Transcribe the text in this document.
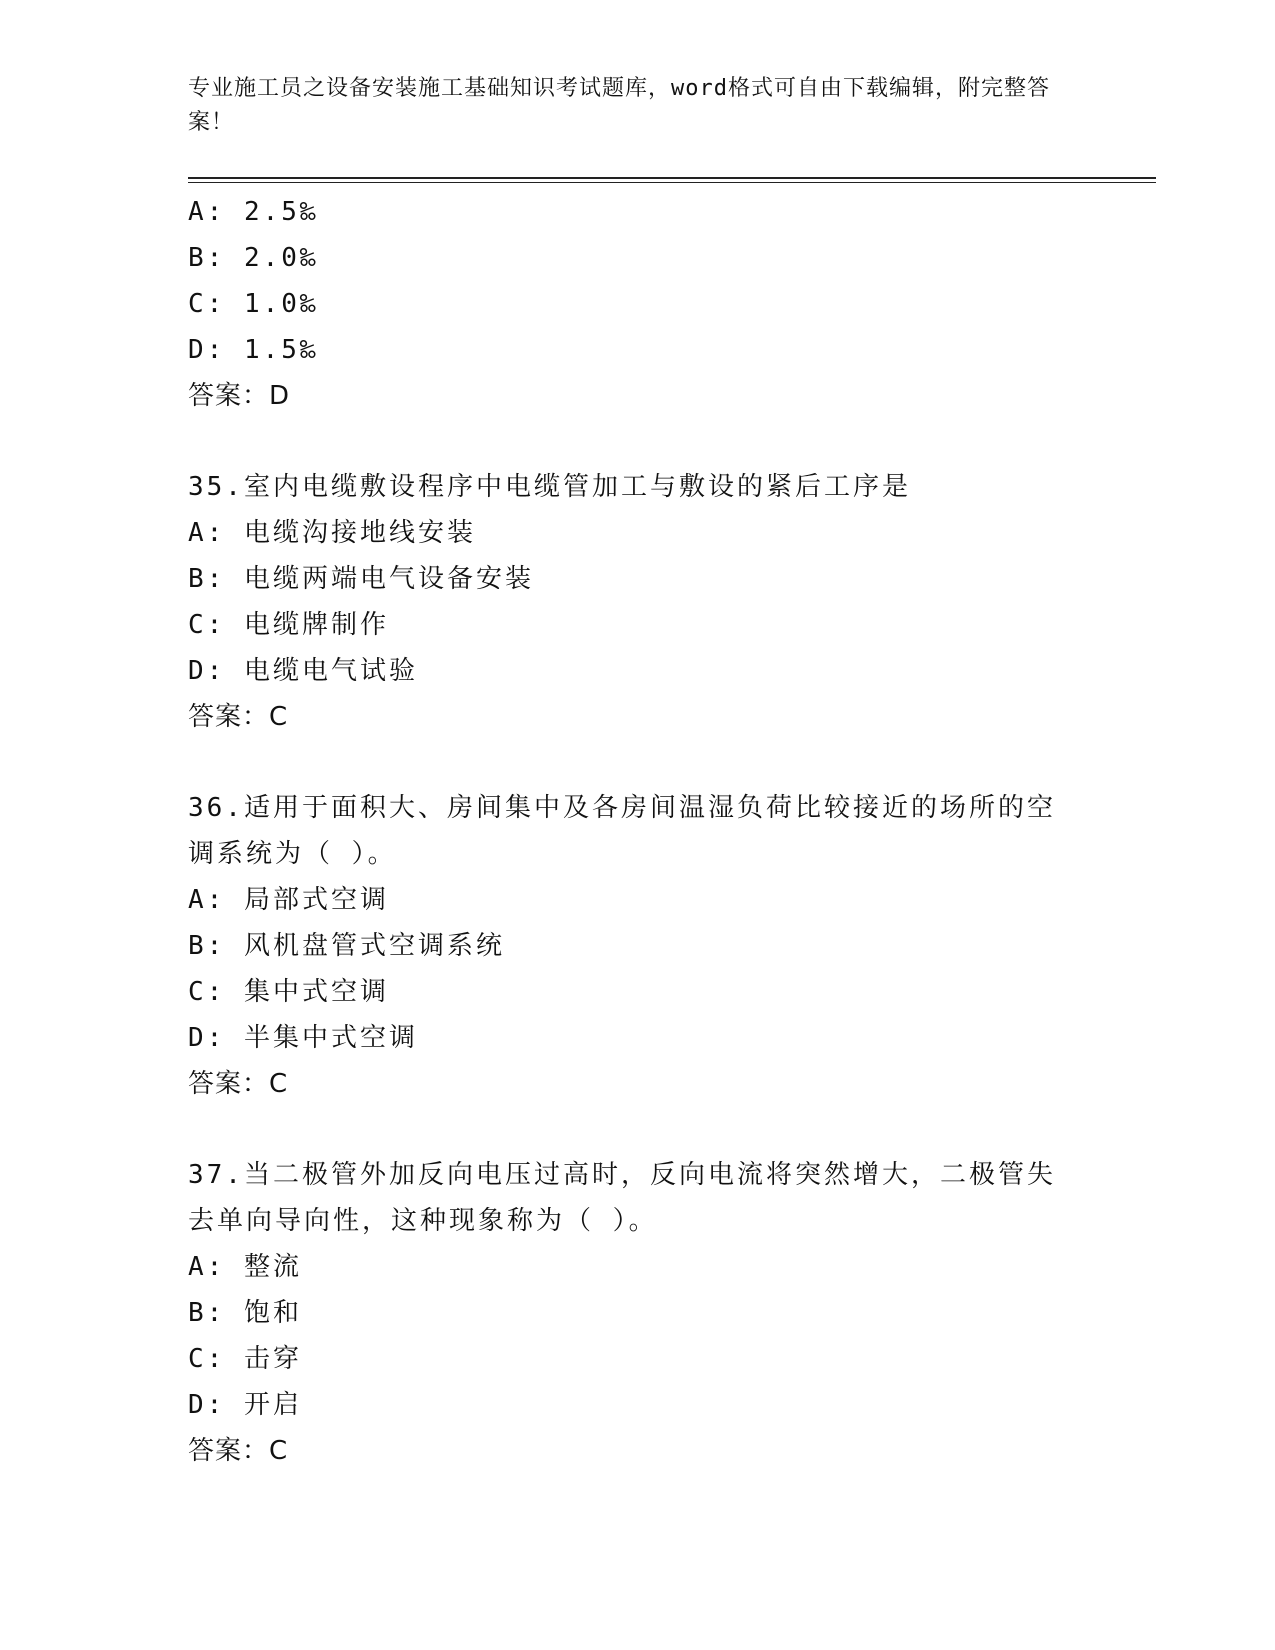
专业施工员之设备安装施工基础知识考试题库，word格式可自由下载编辑，附完整答案！
A: 2.5‰
B: 2.0‰
C: 1.0‰
D: 1.5‰
答案：D
35.室内电缆敷设程序中电缆管加工与敷设的紧后工序是
A: 电缆沟接地线安装
B: 电缆两端电气设备安装
C: 电缆牌制作
D: 电缆电气试验
答案：C
36.适用于面积大、房间集中及各房间温湿负荷比较接近的场所的空调系统为（ ）。
A: 局部式空调
B: 风机盘管式空调系统
C: 集中式空调
D: 半集中式空调
答案：C
37.当二极管外加反向电压过高时，反向电流将突然增大，二极管失去单向导向性，这种现象称为（ ）。
A: 整流
B: 饱和
C: 击穿
D: 开启
答案：C
